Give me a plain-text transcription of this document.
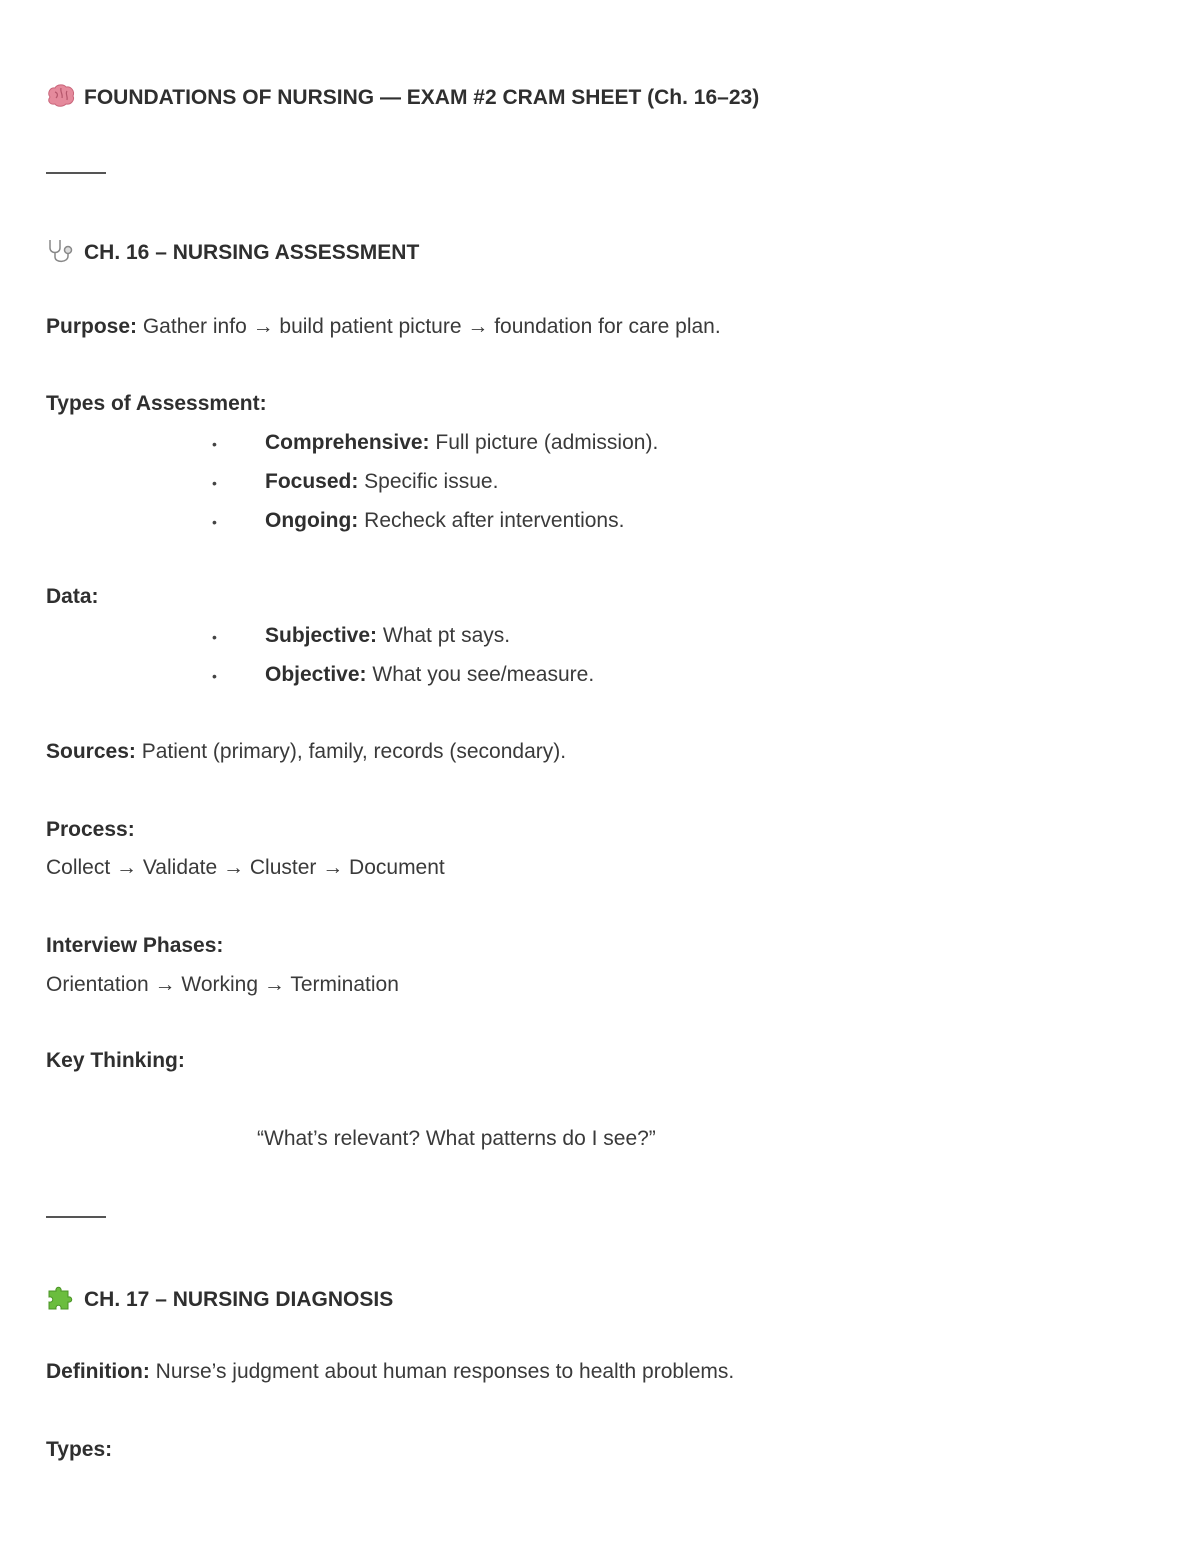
FOUNDATIONS OF NURSING — EXAM #2 CRAM SHEET (Ch. 16–23)
CH. 16 – NURSING ASSESSMENT
Purpose: Gather info → build patient picture → foundation for care plan.
Types of Assessment:
• Comprehensive: Full picture (admission).
• Focused: Specific issue.
• Ongoing: Recheck after interventions.
Data:
• Subjective: What pt says.
• Objective: What you see/measure.
Sources: Patient (primary), family, records (secondary).
Process:
Collect → Validate → Cluster → Document
Interview Phases:
Orientation → Working → Termination
Key Thinking:
“What’s relevant? What patterns do I see?”
CH. 17 – NURSING DIAGNOSIS
Definition: Nurse’s judgment about human responses to health problems.
Types:
